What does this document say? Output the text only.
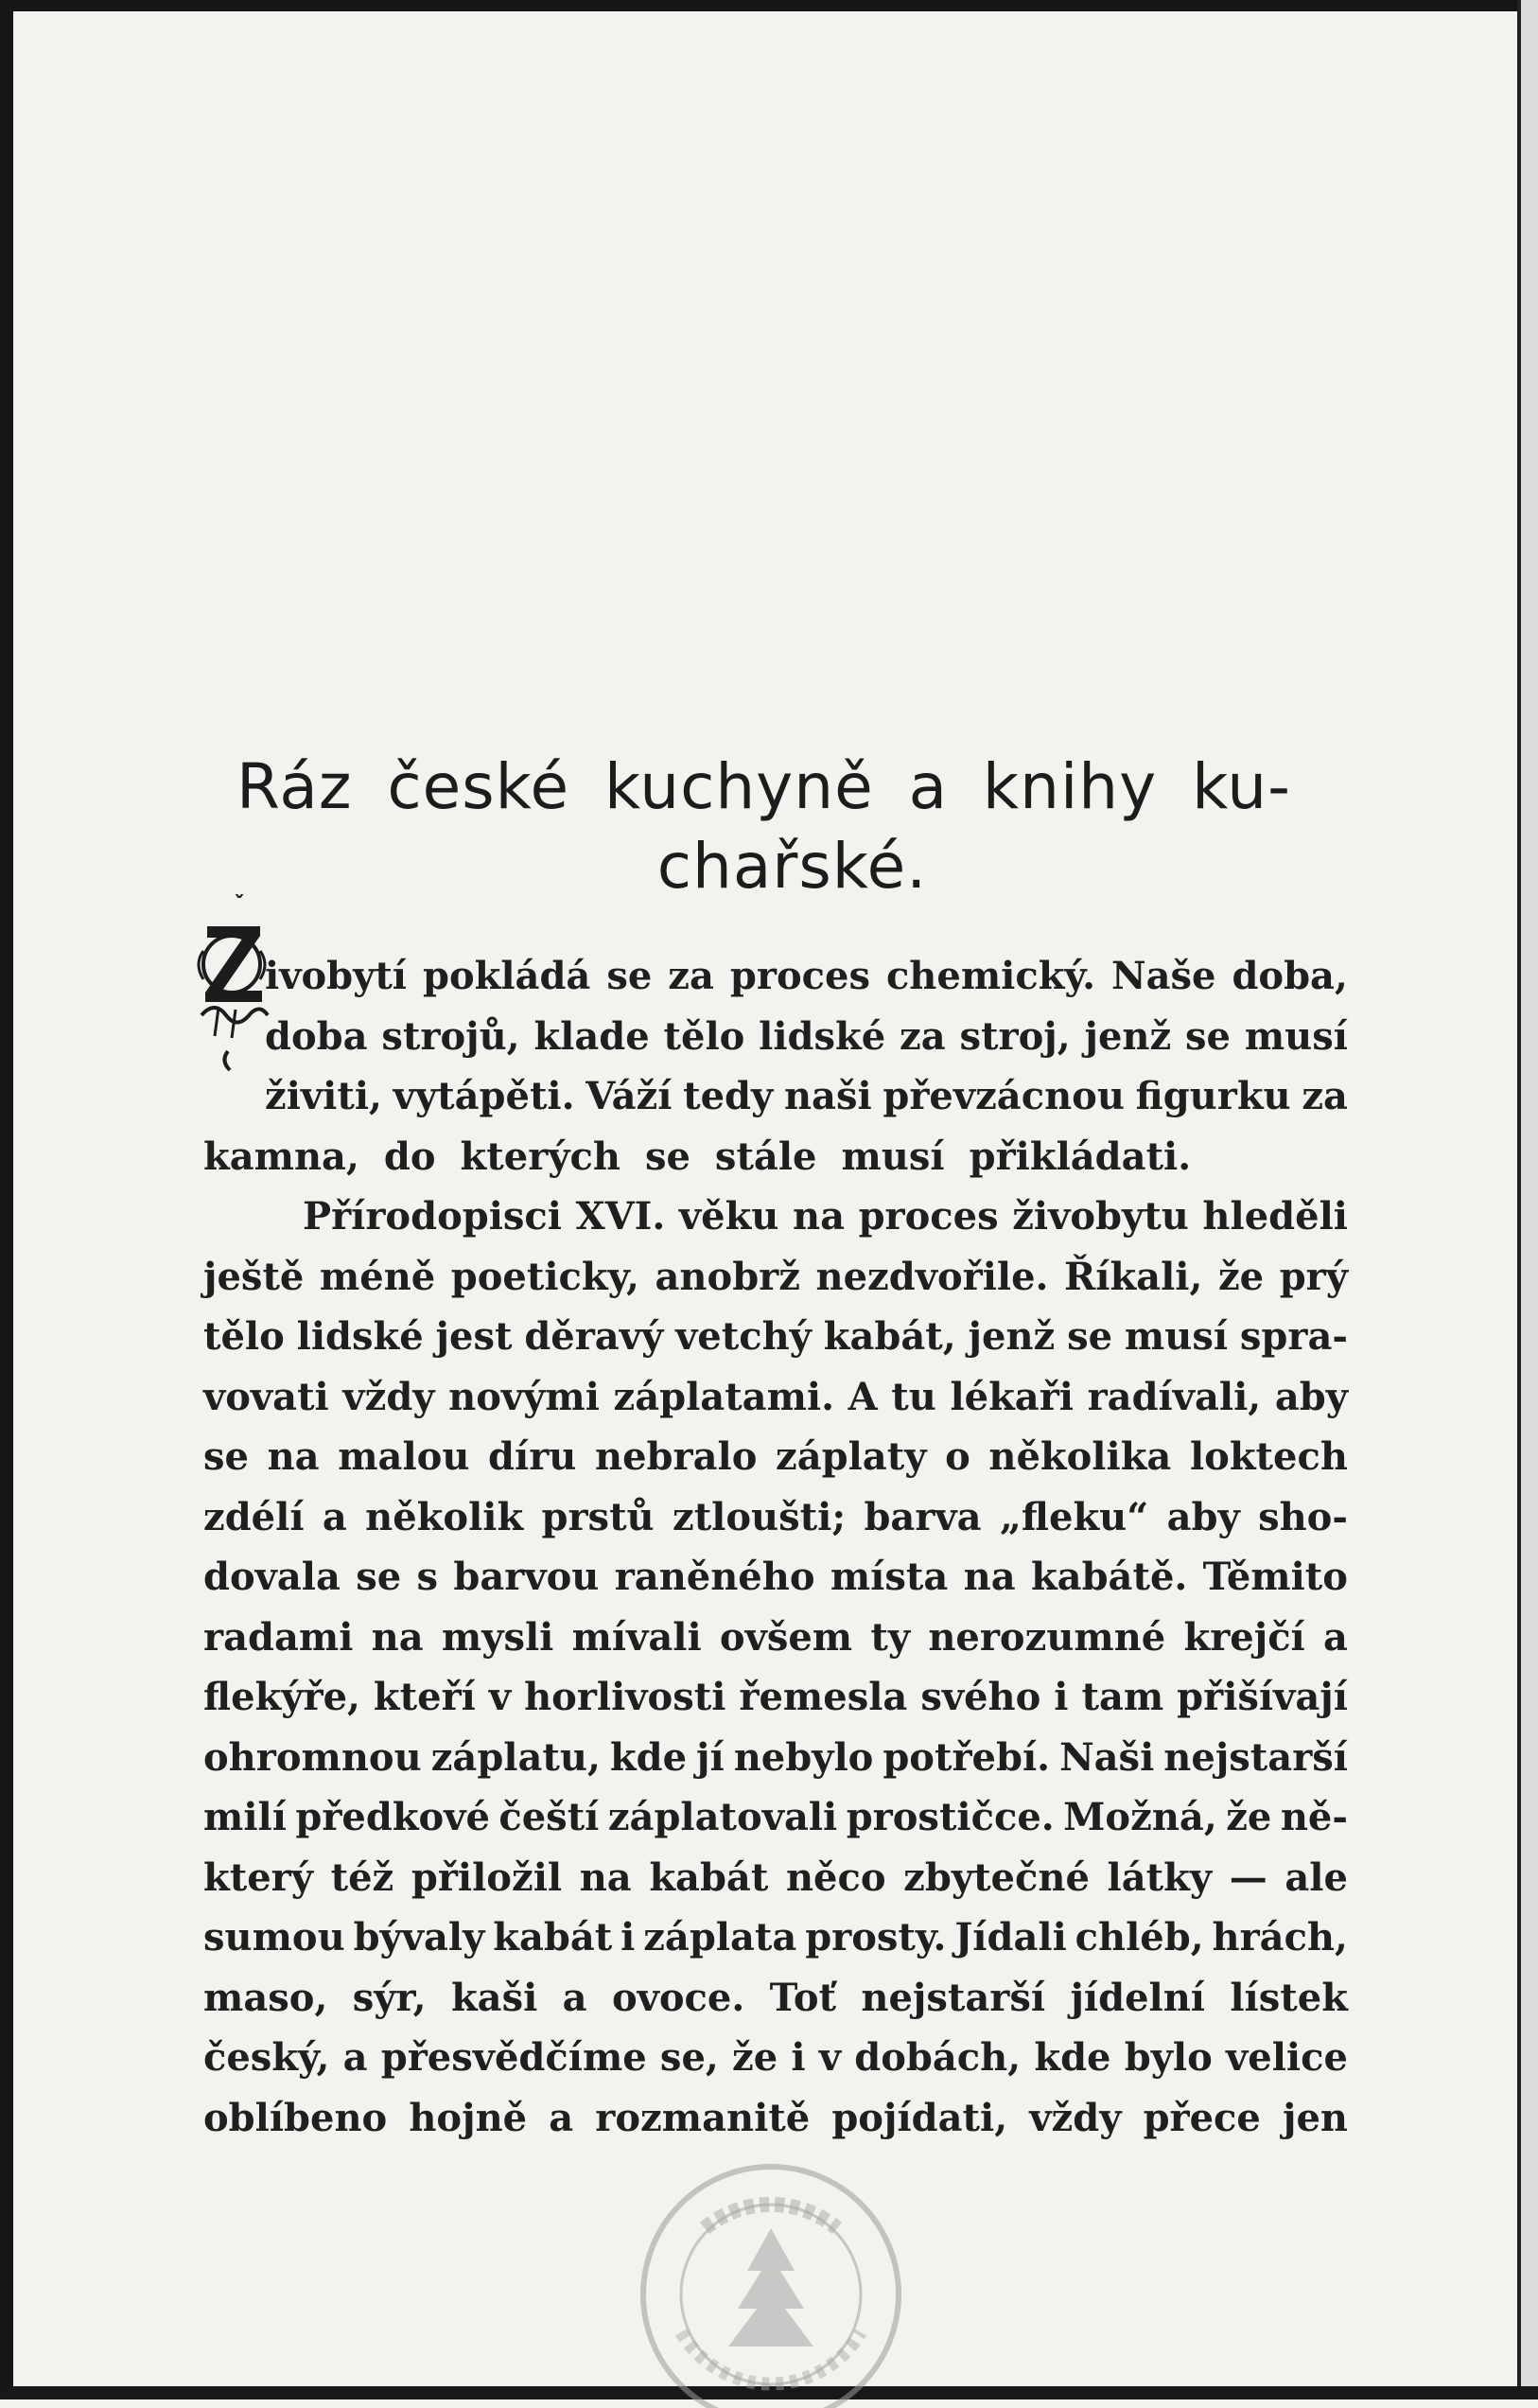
Ráz české kuchyně a knihy ku-
chařské.
ˇ
ivobytí pokládá se za proces chemický. Naše doba,
doba strojů, klade tělo lidské za stroj, jenž se musí
živiti, vytápěti. Váží tedy naši převzácnou figurku za
kamna, do kterých se stále musí přikládati.
Přírodopisci XVI. věku na proces živobytu hleděli
ještě méně poeticky, anobrž nezdvořile. Říkali, že prý
tělo lidské jest děravý vetchý kabát, jenž se musí spra-
vovati vždy novými záplatami. A tu lékaři radívali, aby
se na malou díru nebralo záplaty o několika loktech
zdélí a několik prstů ztloušti; barva „fleku“ aby sho-
dovala se s barvou raněného místa na kabátě. Těmito
radami na mysli mívali ovšem ty nerozumné krejčí a
flekýře, kteří v horlivosti řemesla svého i tam přišívají
ohromnou záplatu, kde jí nebylo potřebí. Naši nejstarší
milí předkové čeští záplatovali prostičce. Možná, že ně-
který též přiložil na kabát něco zbytečné látky — ale
sumou bývaly kabát i záplata prosty. Jídali chléb, hrách,
maso, sýr, kaši a ovoce. Toť nejstarší jídelní lístek
český, a přesvědčíme se, že i v dobách, kde bylo velice
oblíbeno hojně a rozmanitě pojídati, vždy přece jen
